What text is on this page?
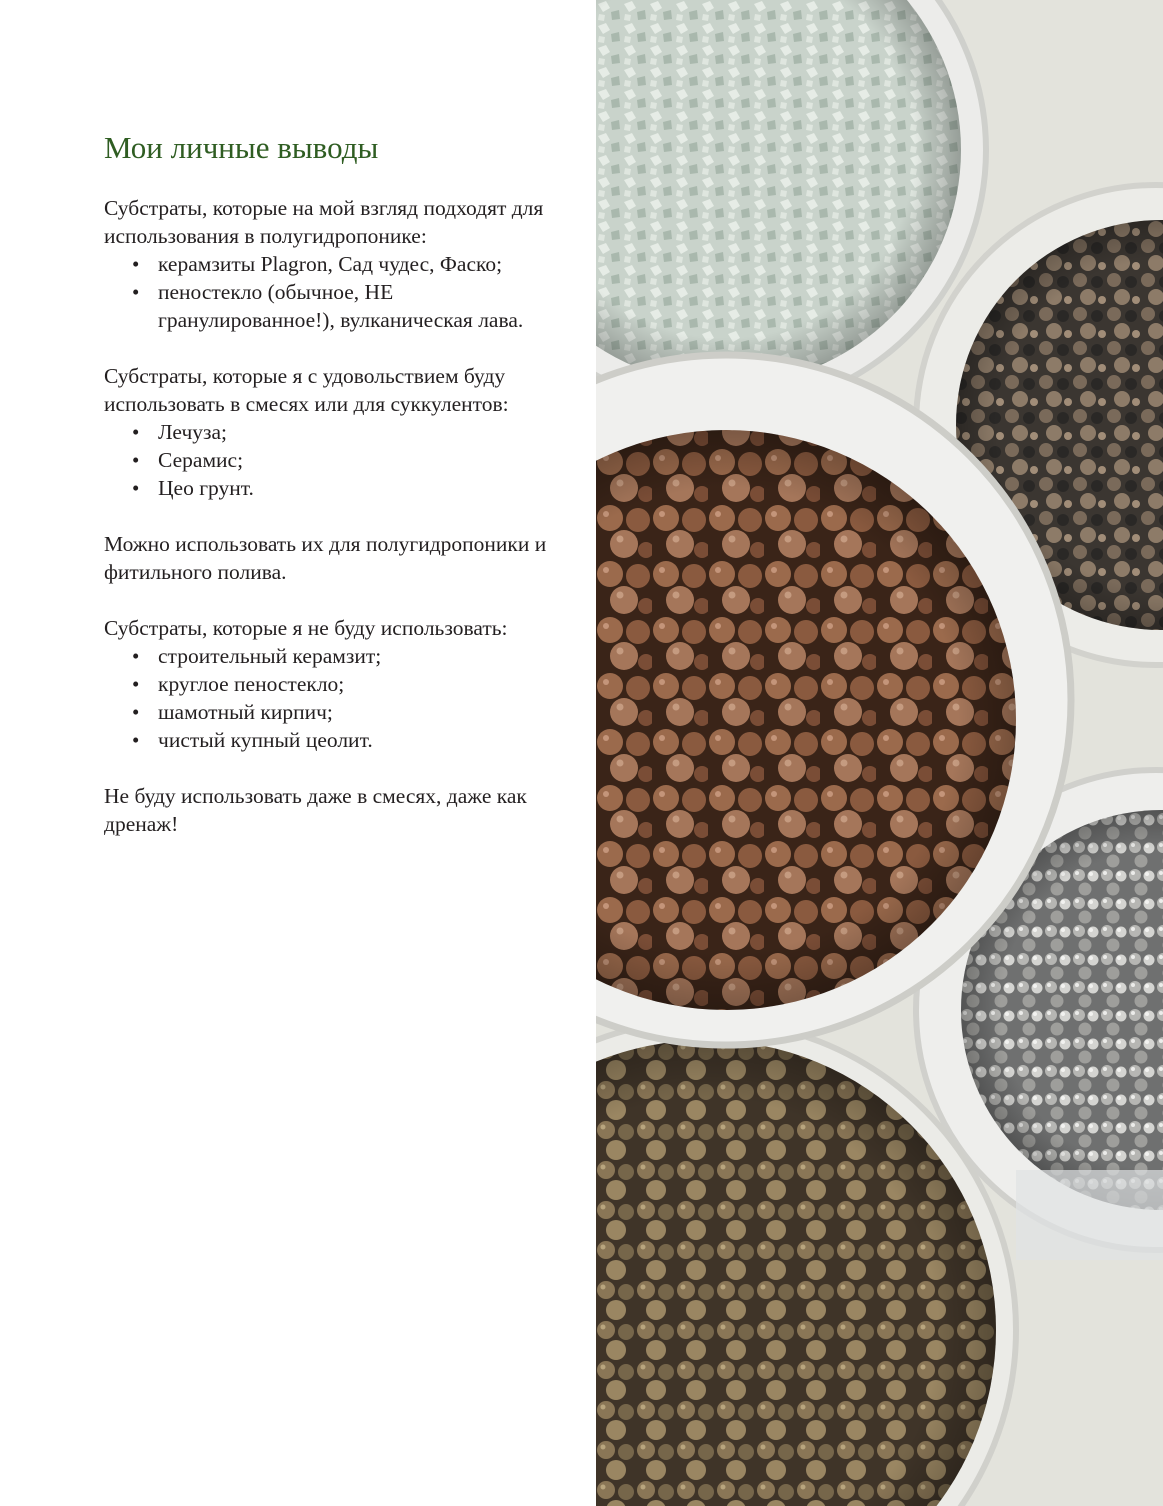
Мои личные выводы

Субстраты, которые на мой взгляд подходят для использования в полугидропонике:

• керамзиты Plagron, Сад чудес, Фаско;
• пеностекло (обычное, НЕ гранулированное!), вулканическая лава.

Субстраты, которые я с удовольствием буду использовать в смесях или для суккулентов:

• Лечуза;
• Серамис;
• Цео грунт.

Можно использовать их для полугидропоники и фитильного полива.

Субстраты, которые я не буду использовать:

• строительный керамзит;
• круглое пеностекло;
• шамотный кирпич;
• чистый купный цеолит.

Не буду использовать даже в смесях, даже как дренаж!
